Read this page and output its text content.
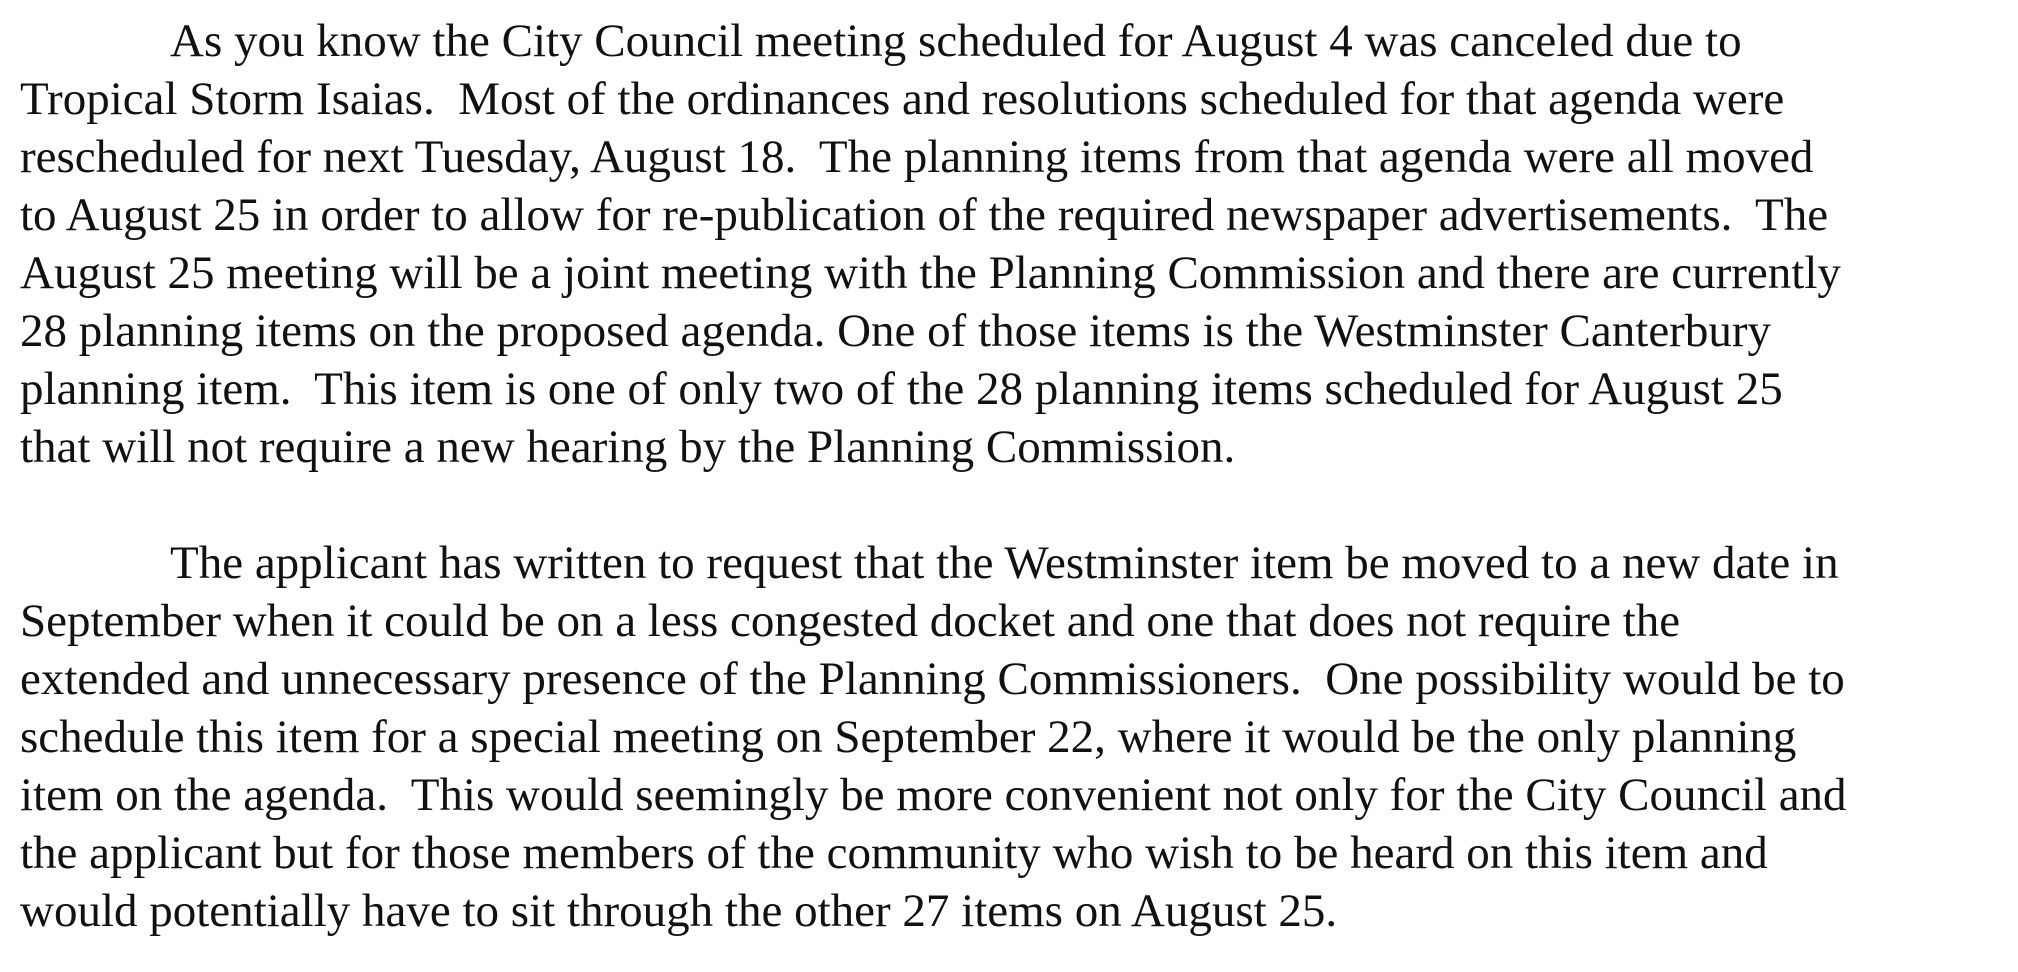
As you know the City Council meeting scheduled for August 4 was canceled due to
Tropical Storm Isaias.  Most of the ordinances and resolutions scheduled for that agenda were
rescheduled for next Tuesday, August 18.  The planning items from that agenda were all moved
to August 25 in order to allow for re-publication of the required newspaper advertisements.  The
August 25 meeting will be a joint meeting with the Planning Commission and there are currently
28 planning items on the proposed agenda. One of those items is the Westminster Canterbury
planning item.  This item is one of only two of the 28 planning items scheduled for August 25
that will not require a new hearing by the Planning Commission.
The applicant has written to request that the Westminster item be moved to a new date in
September when it could be on a less congested docket and one that does not require the
extended and unnecessary presence of the Planning Commissioners.  One possibility would be to
schedule this item for a special meeting on September 22, where it would be the only planning
item on the agenda.  This would seemingly be more convenient not only for the City Council and
the applicant but for those members of the community who wish to be heard on this item and
would potentially have to sit through the other 27 items on August 25.
